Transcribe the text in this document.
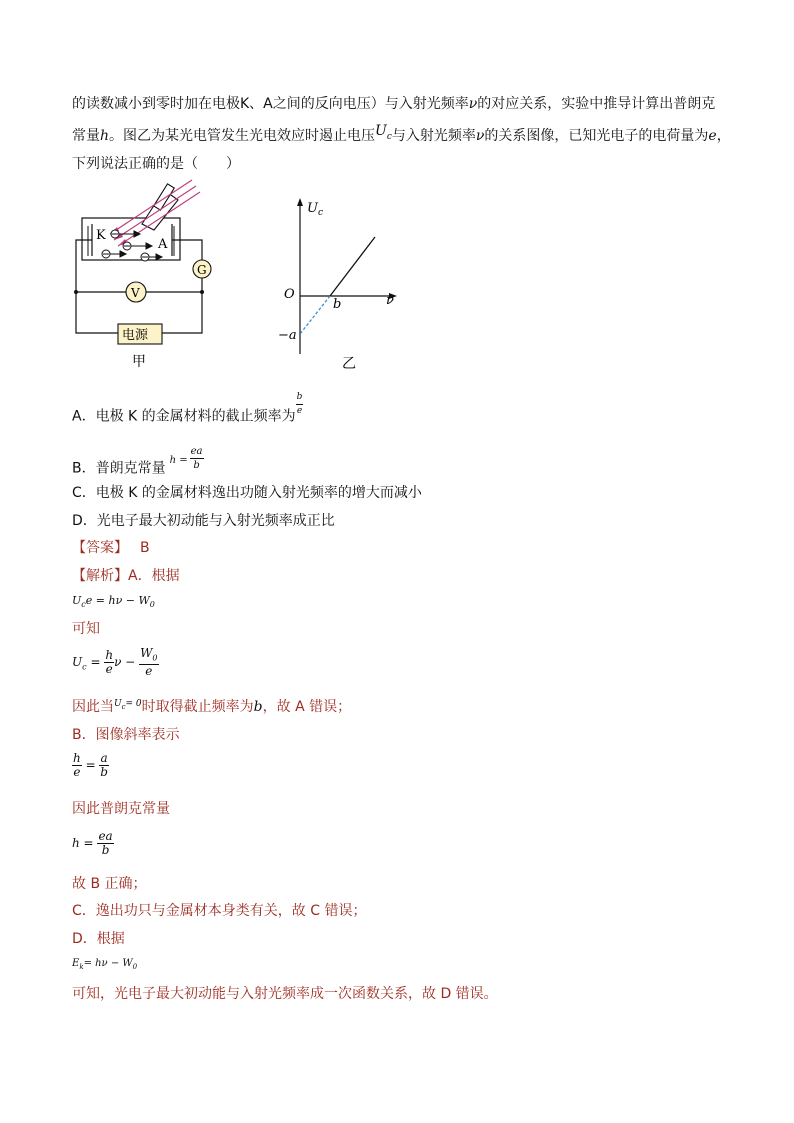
的读数减小到零时加在电极K、A之间的反向电压）与入射光频率ν的对应关系，实验中推导计算出普朗克
常量h。图乙为某光电管发生光电效应时遏止电压$U_c$与入射光频率ν的关系图像，已知光电子的电荷量为e，
下列说法正确的是（　　）
K
A
G
V
电源
甲
$U_c$
O	ν
b
−a
乙
A．电极 K 的金属材料的截止频率为 $\frac{b}{e}$
B．普朗克常量$^{h =} \frac{ea}{b}$
C．电极 K 的金属材料逸出功随入射光频率的增大而减小
D．光电子最大初动能与入射光频率成正比
【答案】 B
【解析】A．根据
$U_ce = h\nu - W_0$
可知
$U_c = \frac{h}{e}$ $\nu - \frac{W_0}{e}$
因此当$^{U_c= 0}$时取得截止频率为b，故 A 错误；
B．图像斜率表示
$\frac{h}{e} = \frac{a}{b}$
因此普朗克常量
$h = \frac{ea}{b}$
故 B 正确；
C．逸出功只与金属材本身类有关，故 C 错误；
D．根据
$E_k= h\nu - W_0$
可知，光电子最大初动能与入射光频率成一次函数关系，故 D 错误。
